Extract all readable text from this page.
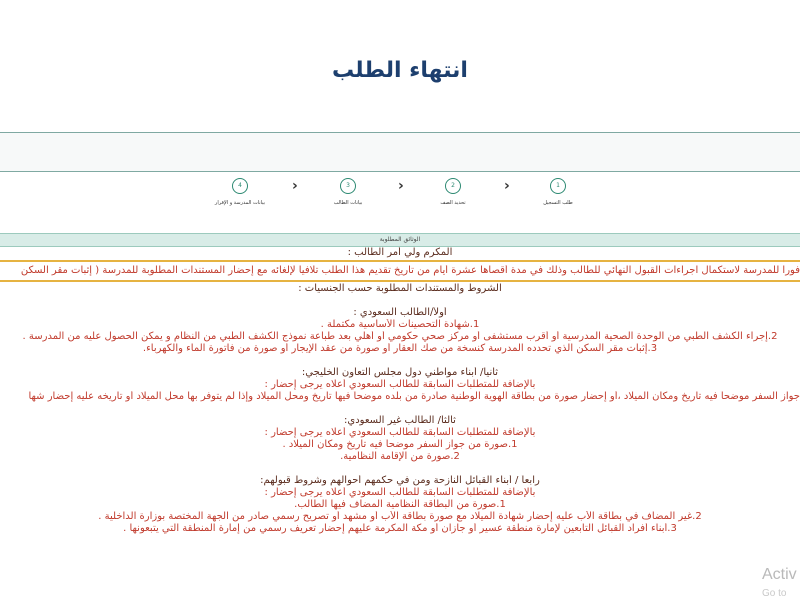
انتهاء الطلب
4
بيانات المدرسة و الإقرار
›	3
بيانات الطالب
›	2
تحديد الصف
›	1
طلب التسجيل
الوثائق المطلوبة
المكرم ولي أمر الطالب :
فورا للمدرسة لاستكمال اجراءات القبول النهائي للطالب وذلك في مدة أقصاها عشرة أيام من تاريخ تقديم هذا الطلب تلافيا لإلغائه مع إحضار المستندات المطلوبة للمدرسة ( إثبات مقر السكن
الشروط والمستندات المطلوبة حسب الجنسيات :
أولاً/الطالب السعودي :
1.شهادة التحصينات الأساسية مكتملة .
2.إجراء الكشف الطبي من الوحدة الصحية المدرسية أو أقرب مستشفى أو مركز صحي حكومي أو أهلي بعد طباعة نموذج الكشف الطبي من النظام و يمكن الحصول عليه من المدرسة .
3.إثبات مقر السكن الذي تحدده المدرسة كنسخة من صك العقار أو صورة من عقد الإيجار أو صورة من فاتورة الماء والكهرباء.
ثانياً/ أبناء مواطني دول مجلس التعاون الخليجي:
بالإضافة للمتطلبات السابقة للطالب السعودي أعلاه يرجى إحضار :
جواز السفر موضحاً فيه تاريخ ومكان الميلاد ،أو إحضار صورة من بطاقة الهوية الوطنية صادرة من بلده موضحاً فيها تاريخ ومحل الميلاد وإذا لم يتوفر بها محل الميلاد أو تاريخه عليه إحضار شها
ثالثاً/ الطالب غير السعودي:
بالإضافة للمتطلبات السابقة للطالب السعودي أعلاه يرجى إحضار :
1.صورة من جواز السفر موضحاً فيه تاريخ ومكان الميلاد .
2.صورة من الإقامة النظامية.
رابعاً / أبناء القبائل النازحة ومن في حكمهم أحوالهم وشروط قبولهم:
بالإضافة للمتطلبات السابقة للطالب السعودي أعلاه يرجى إحضار :
1.صورة من البطاقة النظامية المضاف فيها الطالب.
2.غير المضاف في بطاقة الأب عليه إحضار شهادة الميلاد مع صورة بطاقة الأب أو مشهد أو تصريح رسمي صادر من الجهة المختصة بوزارة الداخلية .
3.أبناء أفراد القبائل التابعين لإمارة منطقة عسير أو جازان أو مكة المكرمة عليهم إحضار تعريف رسمي من إمارة المنطقة التي يتبعونها .
Activ
Go to
